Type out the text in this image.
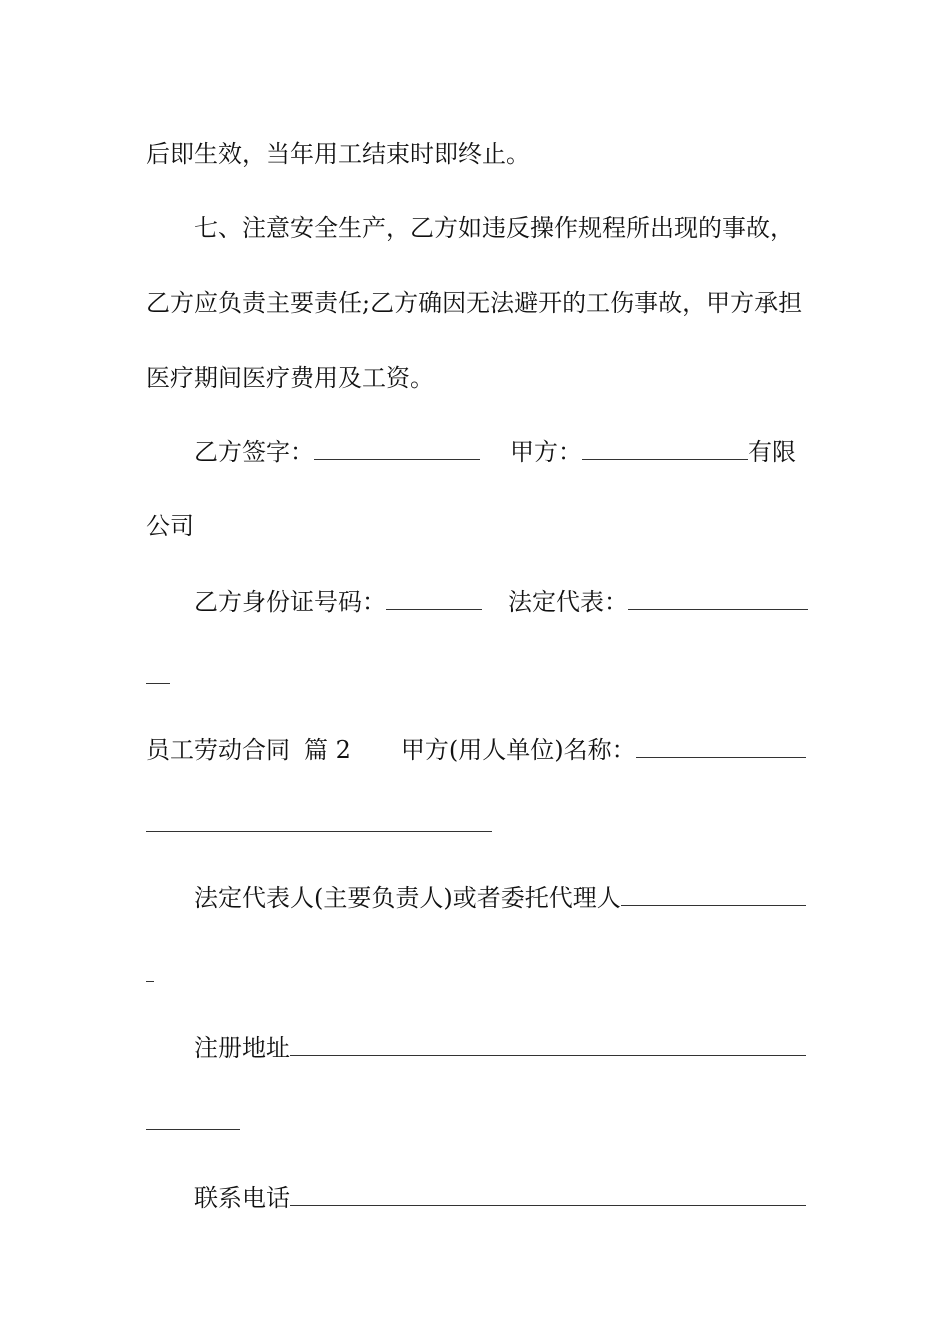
后即生效，当年用工结束时即终止。
七、注意安全生产，乙方如违反操作规程所出现的事故，
乙方应负责主要责任;乙方确因无法避开的工伤事故，甲方承担
医疗期间医疗费用及工资。
乙方签字：	甲方：	有限
公司
乙方身份证号码：	法定代表：
员工劳动合同 篇 2 甲方(用人单位)名称：
法定代表人(主要负责人)或者委托代理人
注册地址
联系电话
